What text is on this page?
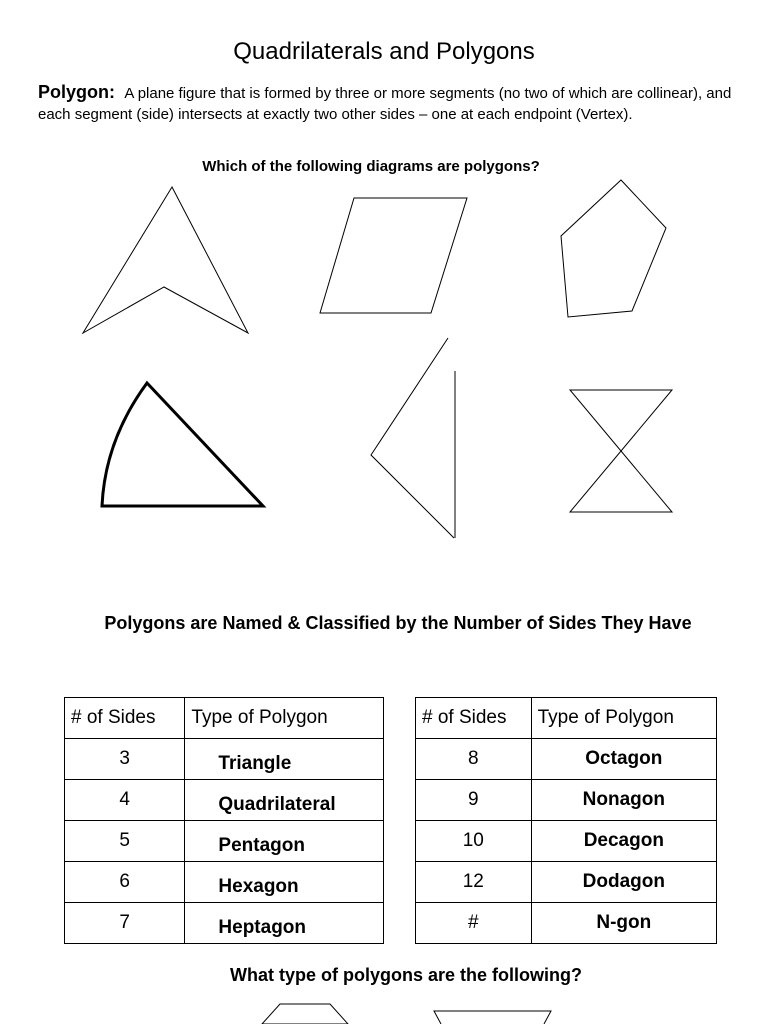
Quadrilaterals and Polygons
Polygon: A plane figure that is formed by three or more segments (no two of which are collinear), and each segment (side) intersects at exactly two other sides – one at each endpoint (Vertex).
Which of the following diagrams are polygons?
Polygons are Named & Classified by the Number of Sides They Have
# of Sides	Type of Polygon
3	Triangle
4	Quadrilateral
5	Pentagon
6	Hexagon
7	Heptagon
# of Sides	Type of Polygon
8	Octagon
9	Nonagon
10	Decagon
12	Dodagon
#	N-gon
What type of polygons are the following?
